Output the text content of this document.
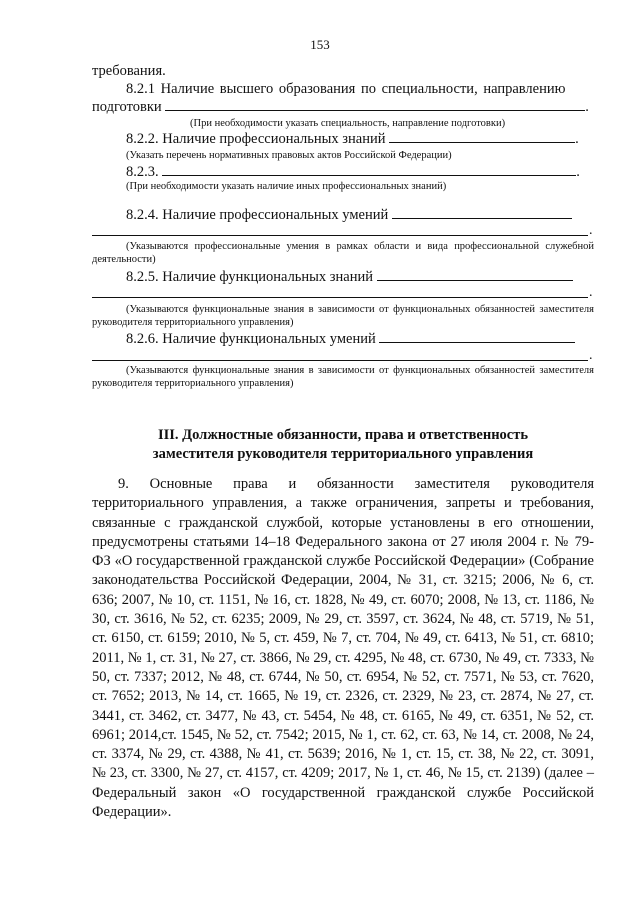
153
требования.
8.2.1 Наличие высшего образования по специальности, направлению
подготовки	.
(При необходимости указать специальность, направление подготовки)
8.2.2. Наличие профессиональных знаний	.
(Указать перечень нормативных правовых актов Российской Федерации)
8.2.3.	.
(При необходимости указать наличие иных профессиональных знаний)
8.2.4. Наличие профессиональных умений
.
(Указываются профессиональные умения в рамках области и вида профессиональной служебной деятельности)
8.2.5. Наличие функциональных знаний
.
(Указываются функциональные знания в зависимости от функциональных обязанностей заместителя руководителя территориального управления)
8.2.6. Наличие функциональных умений
.
(Указываются функциональные знания в зависимости от функциональных обязанностей заместителя руководителя территориального управления)
III. Должностные обязанности, права и ответственность
заместителя руководителя территориального управления
9. Основные права и обязанности заместителя руководителя территориального управления, а также ограничения, запреты и требования, связанные с гражданской службой, которые установлены в его отношении, предусмотрены статьями 14–18 Федерального закона от 27 июля 2004 г. № 79-ФЗ «О государственной гражданской службе Российской Федерации» (Собрание законодательства Российской Федерации, 2004, № 31, ст. 3215; 2006, № 6, ст. 636; 2007, № 10, ст. 1151, № 16, ст. 1828, № 49, ст. 6070; 2008, № 13, ст. 1186, № 30, ст. 3616, № 52, ст. 6235; 2009, № 29, ст. 3597, ст. 3624, № 48, ст. 5719, № 51, ст. 6150, ст. 6159; 2010, № 5, ст. 459, № 7, ст. 704, № 49, ст. 6413, № 51, ст. 6810; 2011, № 1, ст. 31, № 27, ст. 3866, № 29, ст. 4295, № 48, ст. 6730, № 49, ст. 7333, № 50, ст. 7337; 2012, № 48, ст. 6744, № 50, ст. 6954, № 52, ст. 7571, № 53, ст. 7620, ст. 7652; 2013, № 14, ст. 1665, № 19, ст. 2326, ст. 2329, № 23, ст. 2874, № 27, ст. 3441, ст. 3462, ст. 3477, № 43, ст. 5454, № 48, ст. 6165, № 49, ст. 6351, № 52, ст. 6961; 2014,ст. 1545, № 52, ст. 7542; 2015, № 1, ст. 62, ст. 63, № 14, ст. 2008, № 24, ст. 3374, № 29, ст. 4388, № 41, ст. 5639; 2016, № 1, ст. 15, ст. 38, № 22, ст. 3091, № 23, ст. 3300, № 27, ст. 4157, ст. 4209; 2017, № 1, ст. 46, № 15, ст. 2139) (далее – Федеральный закон «О государственной гражданской службе Российской Федерации».
